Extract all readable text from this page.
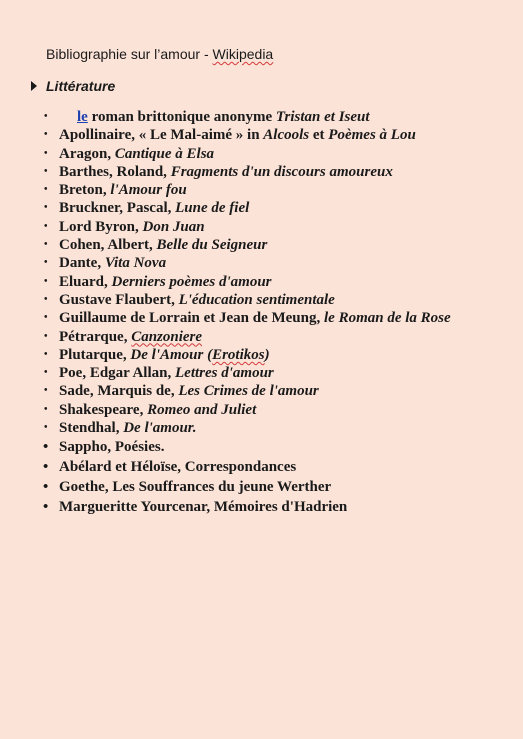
Bibliographie sur l’amour - Wikipedia
Littérature
• le roman brittonique anonyme Tristan et Iseut
• Apollinaire, « Le Mal-aimé » in Alcools et Poèmes à Lou
• Aragon, Cantique à Elsa
• Barthes, Roland, Fragments d'un discours amoureux
• Breton, l'Amour fou
• Bruckner, Pascal, Lune de fiel
• Lord Byron, Don Juan
• Cohen, Albert, Belle du Seigneur
• Dante, Vita Nova
• Eluard, Derniers poèmes d'amour
• Gustave Flaubert, L'éducation sentimentale
• Guillaume de Lorrain et Jean de Meung, le Roman de la Rose
• Pétrarque, Canzoniere
• Plutarque, De l'Amour (Erotikos)
• Poe, Edgar Allan, Lettres d'amour
• Sade, Marquis de, Les Crimes de l'amour
• Shakespeare, Romeo and Juliet
• Stendhal, De l'amour.
• Sappho, Poésies.
• Abélard et Héloïse, Correspondances
• Goethe, Les Souffrances du jeune Werther
• Margueritte Yourcenar, Mémoires d'Hadrien
